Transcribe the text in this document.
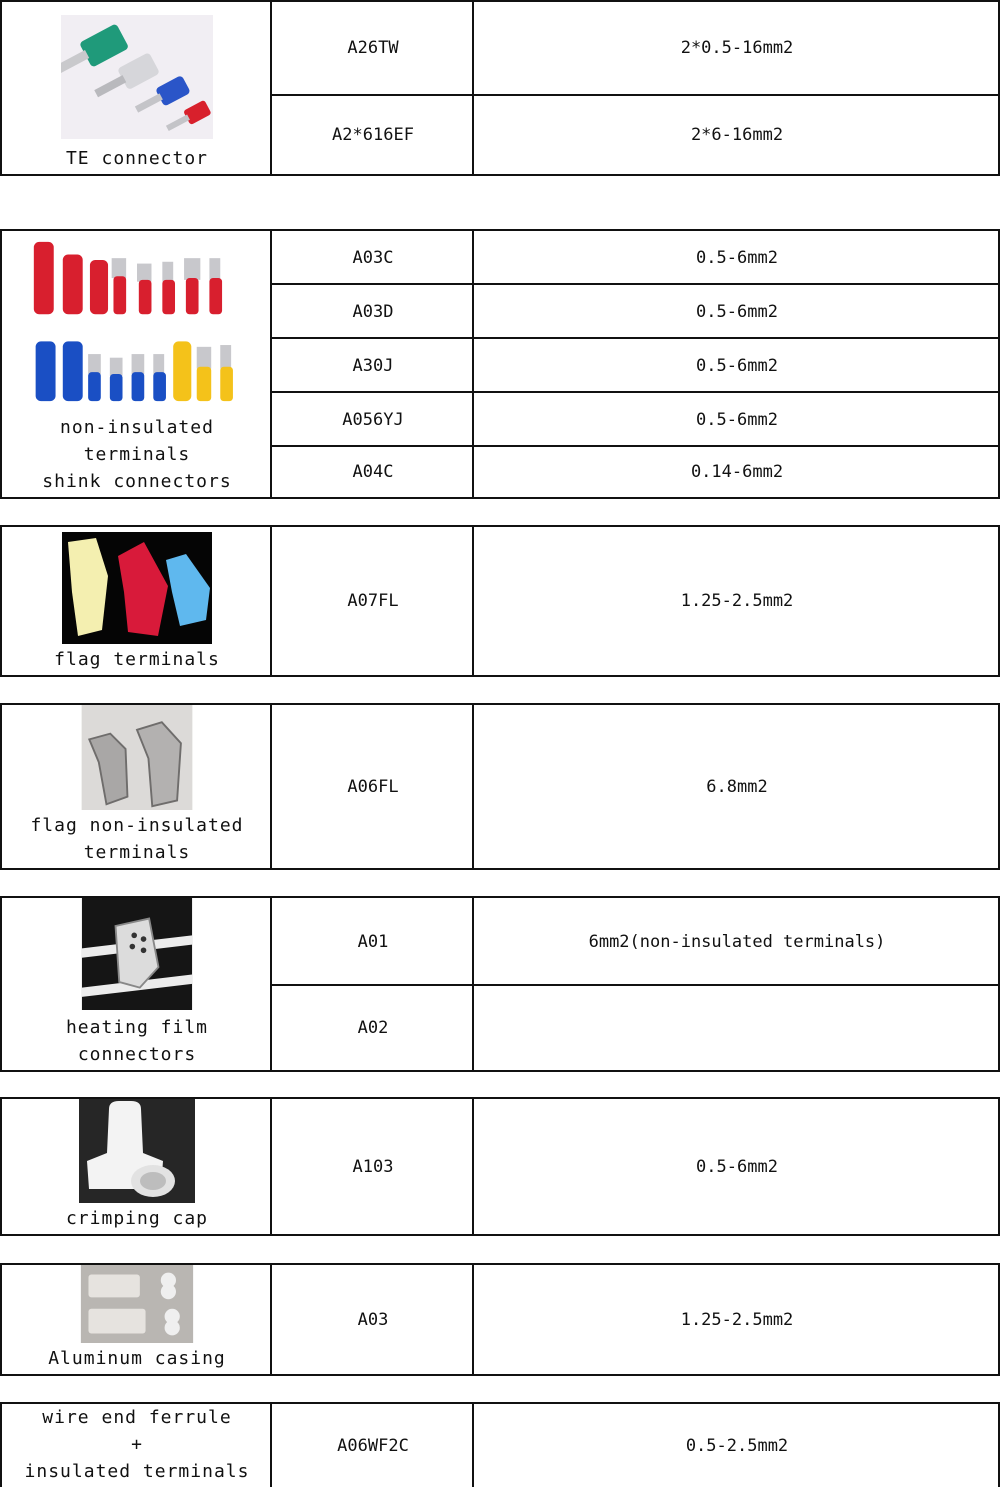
TE connector
A26TW	2*0.5-16mm2
A2*616EF	2*6-16mm2
non-insulated terminals
shink connectors
A03C	0.5-6mm2
A03D	0.5-6mm2
A30J	0.5-6mm2
A056YJ	0.5-6mm2
A04C	0.14-6mm2
flag terminals
A07FL	1.25-2.5mm2
flag non-insulated
terminals
A06FL	6.8mm2
heating film connectors
A01	6mm2(non-insulated terminals)
A02
crimping cap
A103	0.5-6mm2
Aluminum casing
A03	1.25-2.5mm2
wire end ferrule
+
insulated terminals
A06WF2C	0.5-2.5mm2
